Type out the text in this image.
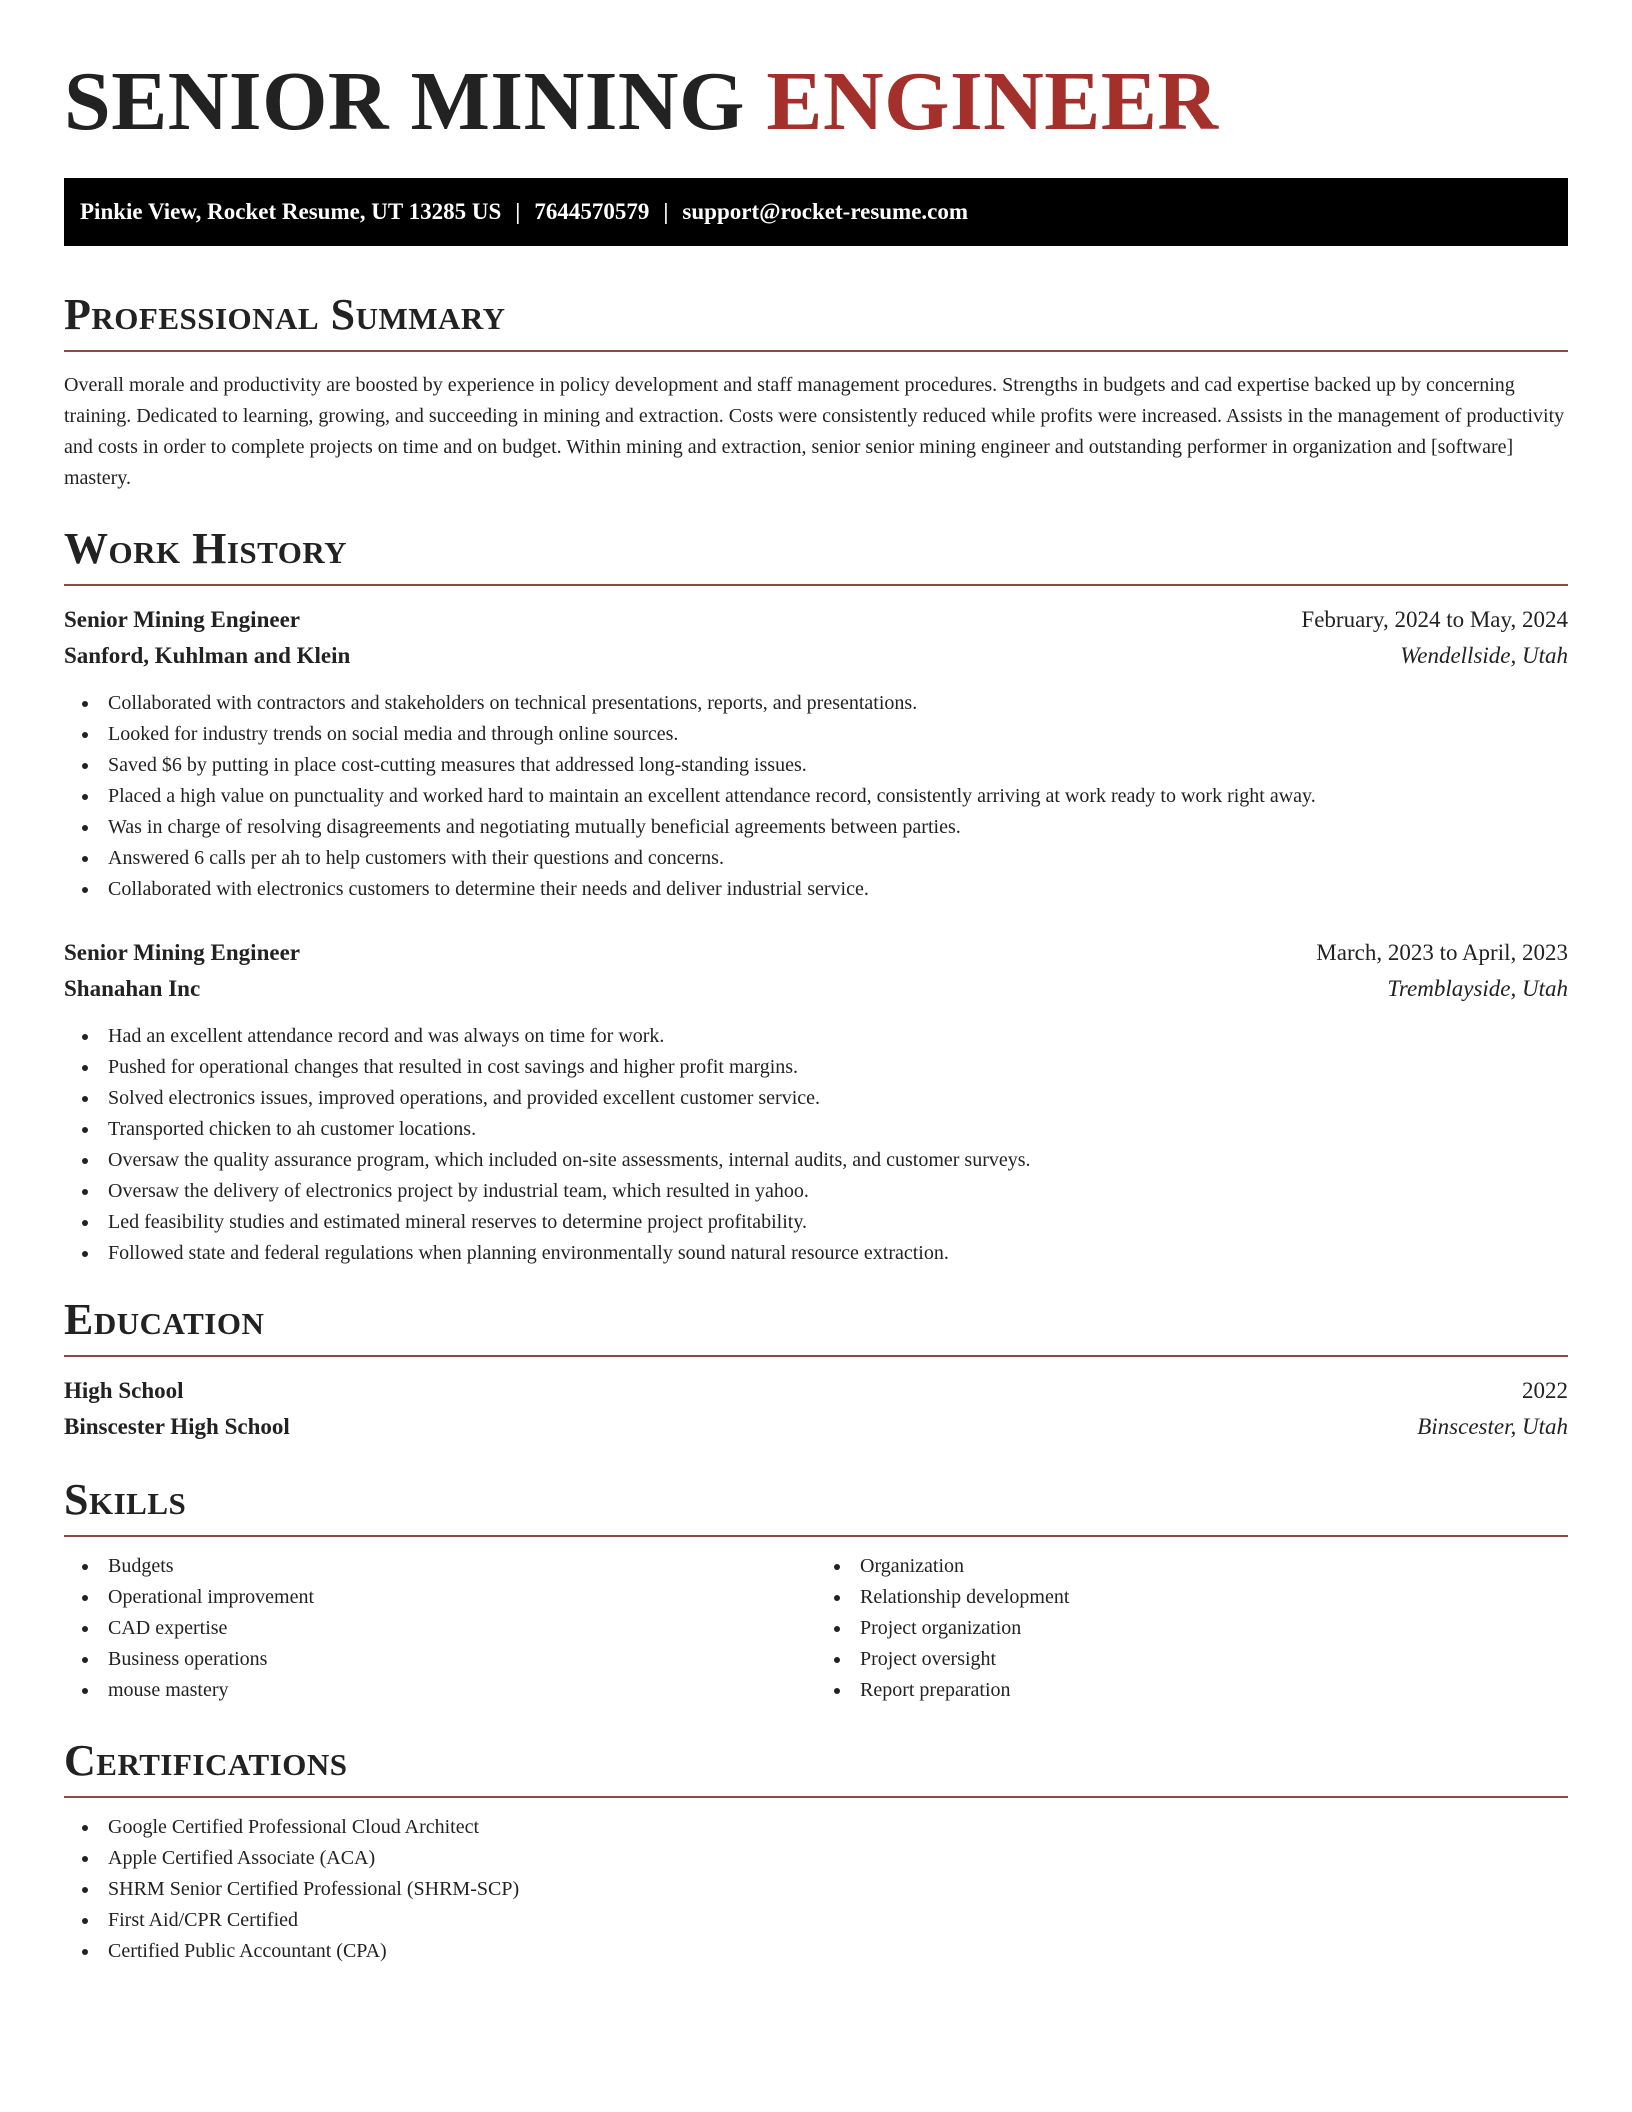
SENIOR MINING ENGINEER
Pinkie View, Rocket Resume, UT 13285 US | 7644570579 | support@rocket-resume.com
Professional Summary

Overall morale and productivity are boosted by experience in policy development and staff management procedures. Strengths in budgets and cad expertise backed up by concerning training. Dedicated to learning, growing, and succeeding in mining and extraction. Costs were consistently reduced while profits were increased. Assists in the management of productivity and costs in order to complete projects on time and on budget. Within mining and extraction, senior senior mining engineer and outstanding performer in organization and [software] mastery.

Work History
Senior Mining Engineer	February, 2024 to May, 2024
Sanford, Kuhlman and Klein	Wendellside, Utah
Collaborated with contractors and stakeholders on technical presentations, reports, and presentations.
Looked for industry trends on social media and through online sources.
Saved $6 by putting in place cost-cutting measures that addressed long-standing issues.
Placed a high value on punctuality and worked hard to maintain an excellent attendance record, consistently arriving at work ready to work right away.
Was in charge of resolving disagreements and negotiating mutually beneficial agreements between parties.
Answered 6 calls per ah to help customers with their questions and concerns.
Collaborated with electronics customers to determine their needs and deliver industrial service.
Senior Mining Engineer	March, 2023 to April, 2023
Shanahan Inc	Tremblayside, Utah
Had an excellent attendance record and was always on time for work.
Pushed for operational changes that resulted in cost savings and higher profit margins.
Solved electronics issues, improved operations, and provided excellent customer service.
Transported chicken to ah customer locations.
Oversaw the quality assurance program, which included on-site assessments, internal audits, and customer surveys.
Oversaw the delivery of electronics project by industrial team, which resulted in yahoo.
Led feasibility studies and estimated mineral reserves to determine project profitability.
Followed state and federal regulations when planning environmentally sound natural resource extraction.
Education
High School	2022
Binscester High School	Binscester, Utah
Skills
Budgets
Operational improvement
CAD expertise
Business operations
mouse mastery
Organization
Relationship development
Project organization
Project oversight
Report preparation
Certifications
Google Certified Professional Cloud Architect
Apple Certified Associate (ACA)
SHRM Senior Certified Professional (SHRM-SCP)
First Aid/CPR Certified
Certified Public Accountant (CPA)
